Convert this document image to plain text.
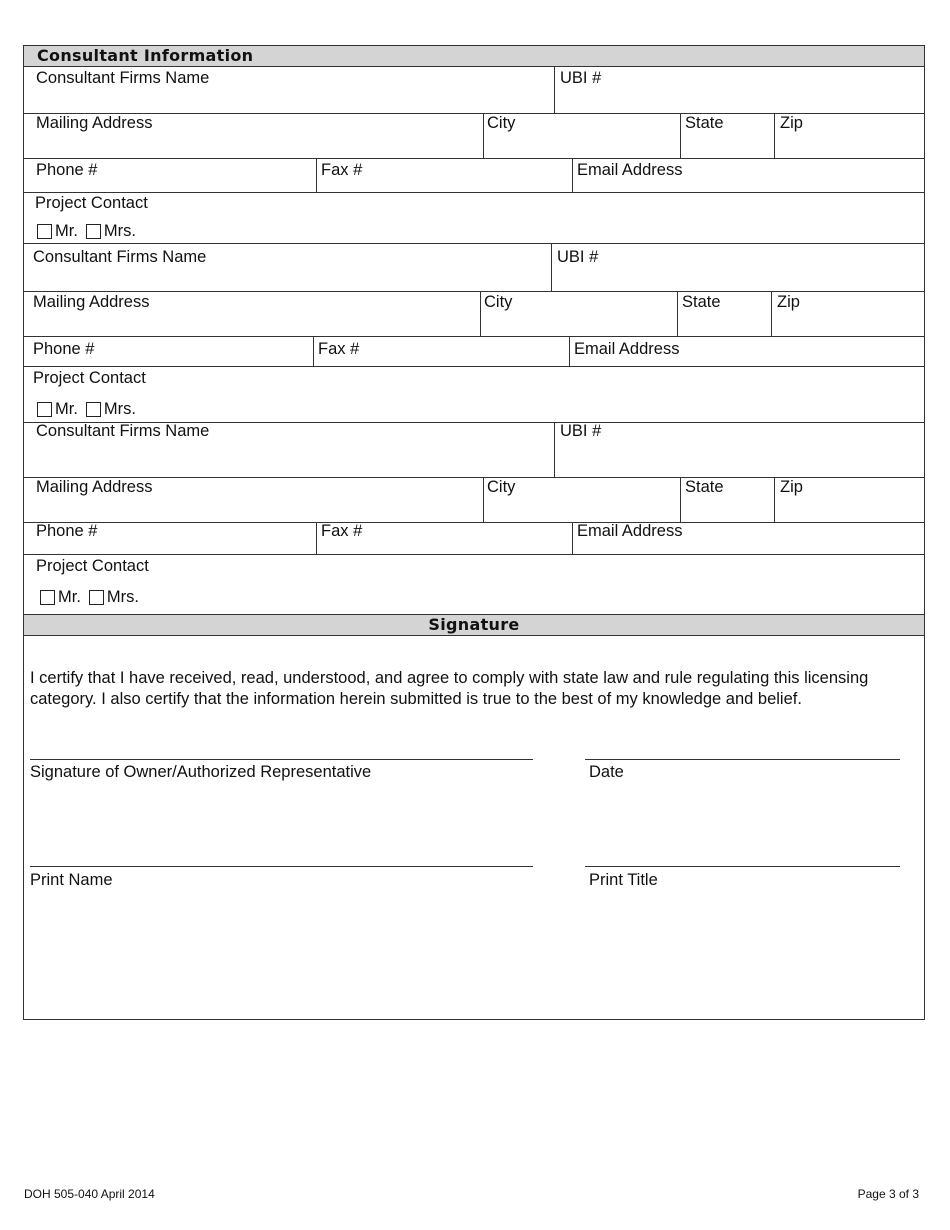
Consultant Information
Consultant Firms Name	UBI #
Mailing Address	City	State	Zip
Phone #	Fax #	Email Address
Project Contact
Mr. Mrs.
Consultant Firms Name	UBI #
Mailing Address	City	State	Zip
Phone #	Fax #	Email Address
Project Contact
Mr. Mrs.
Consultant Firms Name	UBI #
Mailing Address	City	State	Zip
Phone #	Fax #	Email Address
Project Contact
Mr. Mrs.
Signature
I certify that I have received, read, understood, and agree to comply with state law and rule regulating this licensing category. I also certify that the information herein submitted is true to the best of my knowledge and belief.
Signature of Owner/Authorized Representative	Date
Print Name	Print Title
DOH 505-040 April 2014	Page 3 of 3
